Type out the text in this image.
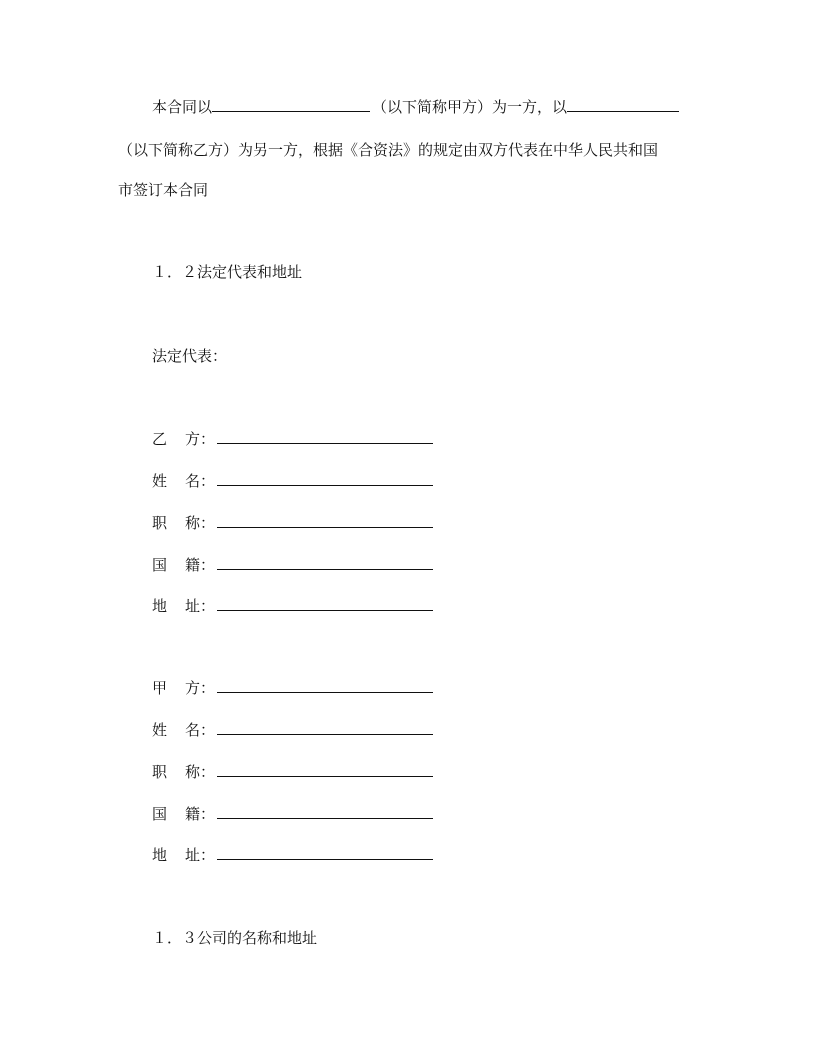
本合同以	（以下简称甲方）为一方，以
（以下简称乙方）为另一方，根据《合资法》的规定由双方代表在中华人民共和国
市签订本合同
１．２法定代表和地址
法定代表：
乙 方：
姓 名：
职 称：
国 籍：
地 址：
甲 方：
姓 名：
职 称：
国 籍：
地 址：
１．３公司的名称和地址
